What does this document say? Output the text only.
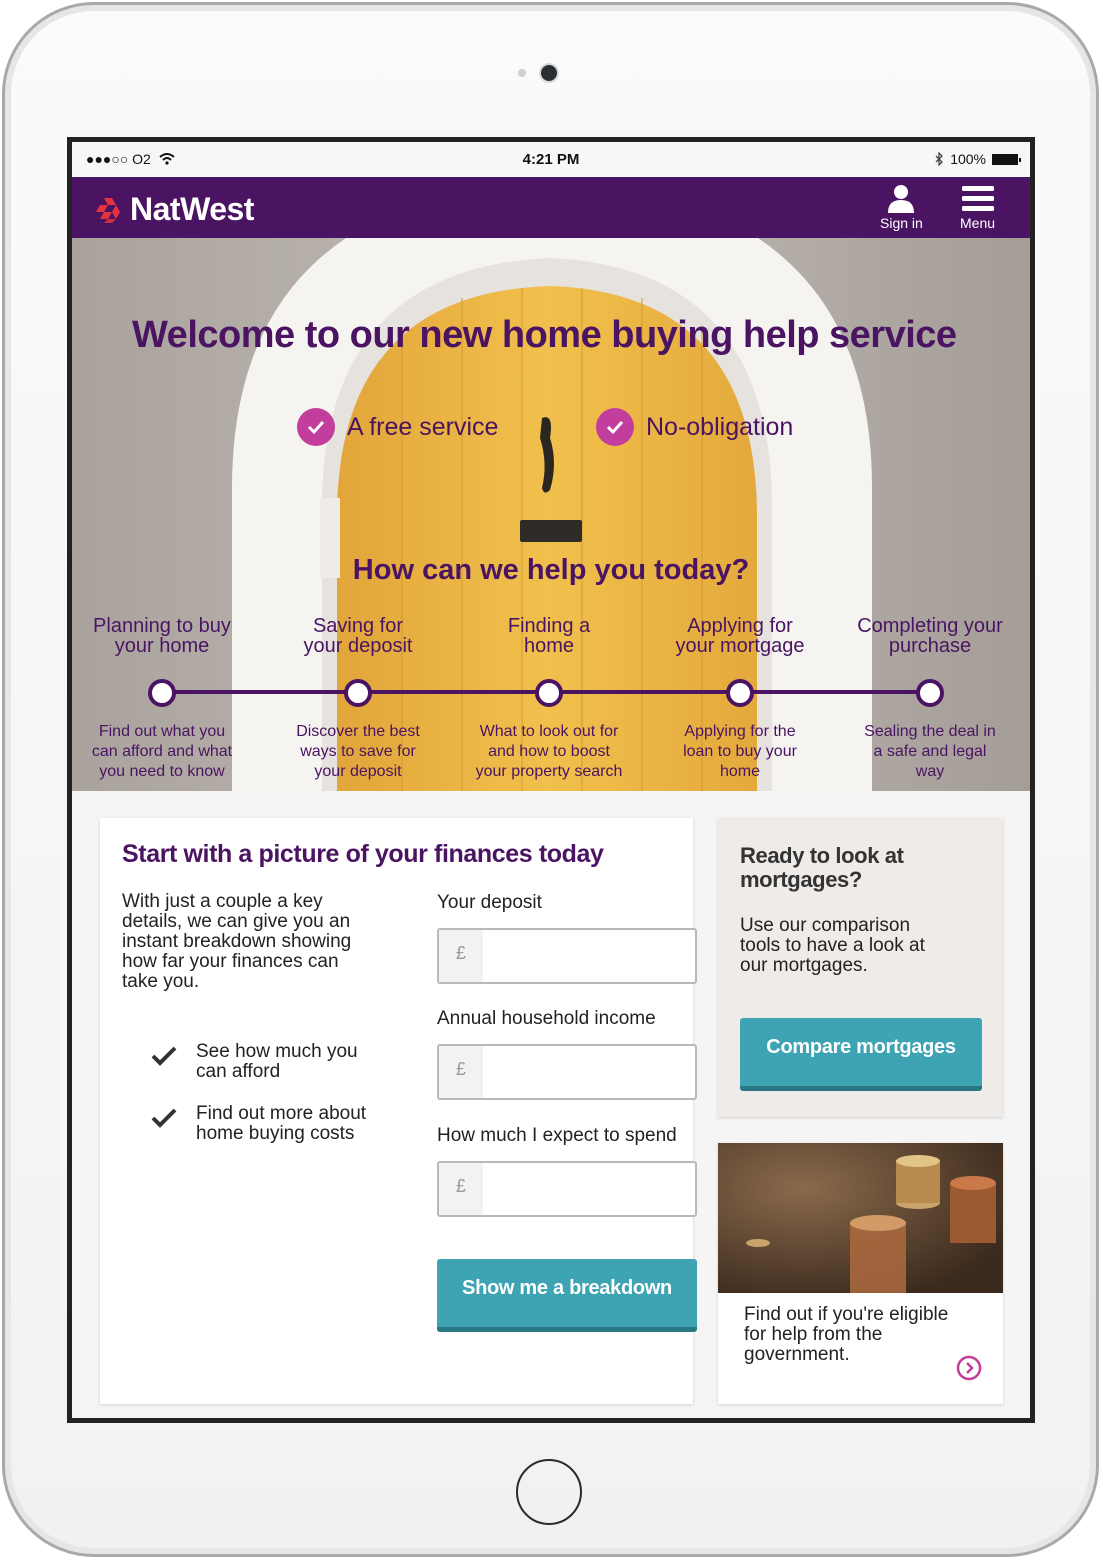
●●●○○ O2	4:21 PM	100%
NatWest	Sign in	Menu
Welcome to our new home buying help service
A free service	No-obligation
How can we help you today?
Planning to buy
your home
Find out what you
can afford and what
you need to know
Saving for
your deposit
Discover the best
ways to save for
your deposit
Finding a
home
What to look out for
and how to boost
your property search
Applying for
your mortgage
Applying for the
loan to buy your
home
Completing your
purchase
Sealing the deal in
a safe and legal
way
Start with a picture of your finances today
With just a couple a key
details, we can give you an
instant breakdown showing
how far your finances can
take you.
See how much you
can afford
Find out more about
home buying costs
Your deposit
£
Annual household income
£
How much I expect to spend
£
Show me a breakdown
Ready to look at
mortgages?
Use our comparison
tools to have a look at
our mortgages.
Compare mortgages
Find out if you're eligible
for help from the
government.
